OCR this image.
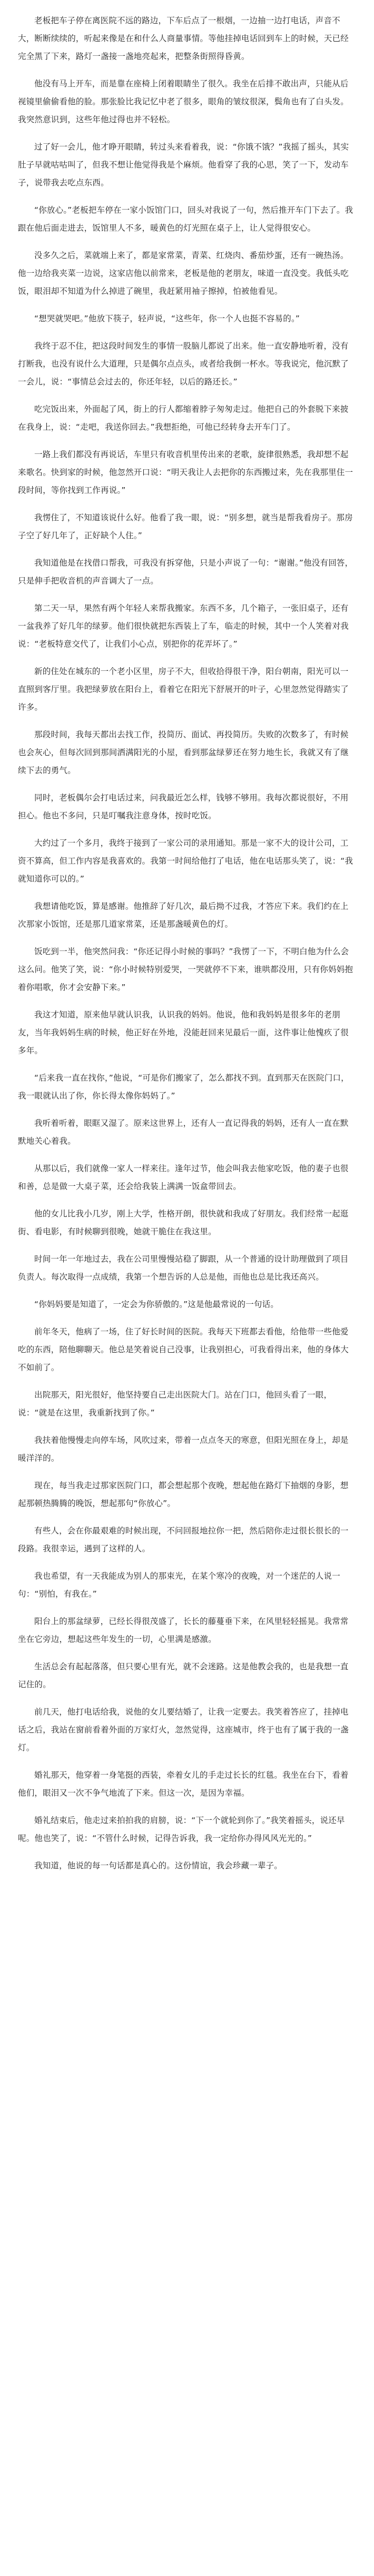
老板把车子停在离医院不远的路边，下车后点了一根烟，一边抽一边打电话，声音不大，断断续续的，听起来像是在和什么人商量事情。等他挂掉电话回到车上的时候，天已经完全黑了下来，路灯一盏接一盏地亮起来，把整条街照得昏黄。

他没有马上开车，而是靠在座椅上闭着眼睛坐了很久。我坐在后排不敢出声，只能从后视镜里偷偷看他的脸。那张脸比我记忆中老了很多，眼角的皱纹很深，鬓角也有了白头发。我突然意识到，这些年他过得也并不轻松。

过了好一会儿，他才睁开眼睛，转过头来看着我，说：“你饿不饿？”我摇了摇头，其实肚子早就咕咕叫了，但我不想让他觉得我是个麻烦。他看穿了我的心思，笑了一下，发动车子，说带我去吃点东西。

“你放心。”老板把车停在一家小饭馆门口，回头对我说了一句，然后推开车门下去了。我跟在他后面走进去，饭馆里人不多，暖黄色的灯光照在桌子上，让人觉得很安心。

没多久之后，菜就端上来了，都是家常菜，青菜、红烧肉、番茄炒蛋，还有一碗热汤。他一边给我夹菜一边说，这家店他以前常来，老板是他的老朋友，味道一直没变。我低头吃饭，眼泪却不知道为什么掉进了碗里，我赶紧用袖子擦掉，怕被他看见。

“想哭就哭吧。”他放下筷子，轻声说，“这些年，你一个人也挺不容易的。”

我终于忍不住，把这段时间发生的事情一股脑儿都说了出来。他一直安静地听着，没有打断我，也没有说什么大道理，只是偶尔点点头，或者给我倒一杯水。等我说完，他沉默了一会儿，说：“事情总会过去的，你还年轻，以后的路还长。”

吃完饭出来，外面起了风，街上的行人都缩着脖子匆匆走过。他把自己的外套脱下来披在我身上，说：“走吧，我送你回去。”我想拒绝，可他已经转身去开车门了。

一路上我们都没有再说话，车里只有收音机里传出来的老歌，旋律很熟悉，我却想不起来歌名。快到家的时候，他忽然开口说：“明天我让人去把你的东西搬过来，先在我那里住一段时间，等你找到工作再说。”

我愣住了，不知道该说什么好。他看了我一眼，说：“别多想，就当是帮我看房子。那房子空了好几年了，正好缺个人住。”

我知道他是在找借口帮我，可我没有拆穿他，只是小声说了一句：“谢谢。”他没有回答，只是伸手把收音机的声音调大了一点。

第二天一早，果然有两个年轻人来帮我搬家。东西不多，几个箱子，一张旧桌子，还有一盆我养了好几年的绿萝。他们很快就把东西装上了车，临走的时候，其中一个人笑着对我说：“老板特意交代了，让我们小心点，别把你的花弄坏了。”

新的住处在城东的一个老小区里，房子不大，但收拾得很干净，阳台朝南，阳光可以一直照到客厅里。我把绿萝放在阳台上，看着它在阳光下舒展开的叶子，心里忽然觉得踏实了许多。

那段时间，我每天都出去找工作，投简历、面试、再投简历。失败的次数多了，有时候也会灰心，但每次回到那间洒满阳光的小屋，看到那盆绿萝还在努力地生长，我就又有了继续下去的勇气。

同时，老板偶尔会打电话过来，问我最近怎么样，钱够不够用。我每次都说很好，不用担心。他也不多问，只是叮嘱我注意身体，按时吃饭。

大约过了一个多月，我终于接到了一家公司的录用通知。那是一家不大的设计公司，工资不算高，但工作内容是我喜欢的。我第一时间给他打了电话，他在电话那头笑了，说：“我就知道你可以的。”

我想请他吃饭，算是感谢。他推辞了好几次，最后拗不过我，才答应下来。我们约在上次那家小饭馆，还是那几道家常菜，还是那盏暖黄色的灯。

饭吃到一半，他突然问我：“你还记得小时候的事吗？”我愣了一下，不明白他为什么会这么问。他笑了笑，说：“你小时候特别爱哭，一哭就停不下来，谁哄都没用，只有你妈妈抱着你唱歌，你才会安静下来。”

我这才知道，原来他早就认识我，认识我的妈妈。他说，他和我妈妈是很多年的老朋友，当年我妈妈生病的时候，他正好在外地，没能赶回来见最后一面，这件事让他愧疚了很多年。

“后来我一直在找你，”他说，“可是你们搬家了，怎么都找不到。直到那天在医院门口，我一眼就认出了你，你长得太像你妈妈了。”

我听着听着，眼眶又湿了。原来这世界上，还有人一直记得我的妈妈，还有人一直在默默地关心着我。

从那以后，我们就像一家人一样来往。逢年过节，他会叫我去他家吃饭，他的妻子也很和善，总是做一大桌子菜，还会给我装上满满一饭盒带回去。

他的女儿比我小几岁，刚上大学，性格开朗，很快就和我成了好朋友。我们经常一起逛街、看电影，有时候聊到很晚，她就干脆住在我这里。

时间一年一年地过去，我在公司里慢慢站稳了脚跟，从一个普通的设计助理做到了项目负责人。每次取得一点成绩，我第一个想告诉的人总是他，而他也总是比我还高兴。

“你妈妈要是知道了，一定会为你骄傲的。”这是他最常说的一句话。

前年冬天，他病了一场，住了好长时间的医院。我每天下班都去看他，给他带一些他爱吃的东西，陪他聊聊天。他总是笑着说自己没事，让我别担心，可我看得出来，他的身体大不如前了。

出院那天，阳光很好，他坚持要自己走出医院大门。站在门口，他回头看了一眼，说：“就是在这里，我重新找到了你。”

我扶着他慢慢走向停车场，风吹过来，带着一点点冬天的寒意，但阳光照在身上，却是暖洋洋的。

现在，每当我走过那家医院门口，都会想起那个夜晚，想起他在路灯下抽烟的身影，想起那顿热腾腾的晚饭，想起那句“你放心”。

有些人，会在你最艰难的时候出现，不问回报地拉你一把，然后陪你走过很长很长的一段路。我很幸运，遇到了这样的人。

我也希望，有一天我能成为别人的那束光，在某个寒冷的夜晚，对一个迷茫的人说一句：“别怕，有我在。”

阳台上的那盆绿萝，已经长得很茂盛了，长长的藤蔓垂下来，在风里轻轻摇晃。我常常坐在它旁边，想起这些年发生的一切，心里满是感激。

生活总会有起起落落，但只要心里有光，就不会迷路。这是他教会我的，也是我想一直记住的。

前几天，他打电话给我，说他的女儿要结婚了，让我一定要去。我笑着答应了，挂掉电话之后，我站在窗前看着外面的万家灯火，忽然觉得，这座城市，终于也有了属于我的一盏灯。

婚礼那天，他穿着一身笔挺的西装，牵着女儿的手走过长长的红毯。我坐在台下，看着他们，眼泪又一次不争气地流了下来。但这一次，是因为幸福。

婚礼结束后，他走过来拍拍我的肩膀，说：“下一个就轮到你了。”我笑着摇头，说还早呢。他也笑了，说：“不管什么时候，记得告诉我，我一定给你办得风风光光的。”

我知道，他说的每一句话都是真心的。这份情谊，我会珍藏一辈子。
